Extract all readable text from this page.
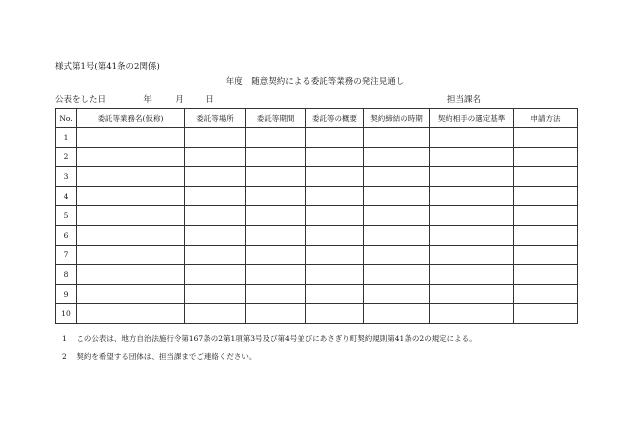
様式第1号(第41条の2関係)
年度　随意契約による委託等業務の発注見通し
公表をした日	年	月	日	担当課名
No.	委託等業務名(仮称)	委託等場所	委託等期間	委託等の概要	契約締結の時期	契約相手の選定基準	申請方法
1							
2							
3							
4							
5							
6							
7							
8							
9							
10							
1 この公表は、地方自治法施行令第167条の2第1項第3号及び第4号並びにあさぎり町契約規則第41条の2の規定による。
2 契約を希望する団体は、担当課までご連絡ください。
